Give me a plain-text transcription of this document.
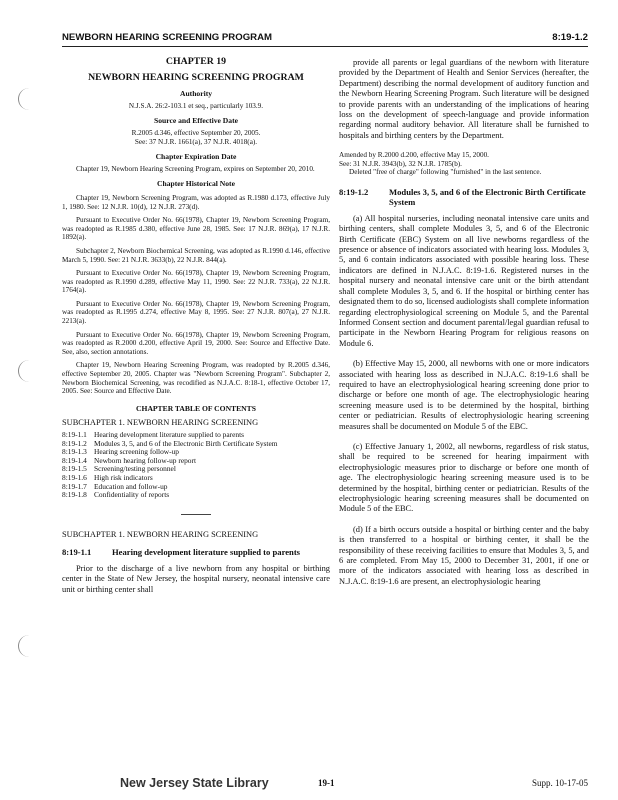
NEWBORN HEARING SCREENING PROGRAM	8:19-1.2

CHAPTER 19

NEWBORN HEARING SCREENING PROGRAM

Authority

N.J.S.A. 26:2-103.1 et seq., particularly 103.9.

Source and Effective Date

R.2005 d.346, effective September 20, 2005.

See: 37 N.J.R. 1661(a), 37 N.J.R. 4018(a).

Chapter Expiration Date

Chapter 19, Newborn Hearing Screening Program, expires on September 20, 2010.

Chapter Historical Note

Chapter 19, Newborn Screening Program, was adopted as R.1980 d.173, effective July 1, 1980. See: 12 N.J.R. 10(d), 12 N.J.R. 273(d).

Pursuant to Executive Order No. 66(1978), Chapter 19, Newborn Screening Program, was readopted as R.1985 d.380, effective June 28, 1985. See: 17 N.J.R. 869(a), 17 N.J.R. 1892(a).

Subchapter 2, Newborn Biochemical Screening, was adopted as R.1990 d.146, effective March 5, 1990. See: 21 N.J.R. 3633(b), 22 N.J.R. 844(a).

Pursuant to Executive Order No. 66(1978), Chapter 19, Newborn Screening Program, was readopted as R.1990 d.289, effective May 11, 1990. See: 22 N.J.R. 733(a), 22 N.J.R. 1764(a).

Pursuant to Executive Order No. 66(1978), Chapter 19, Newborn Screening Program, was readopted as R.1995 d.274, effective May 8, 1995. See: 27 N.J.R. 807(a), 27 N.J.R. 2213(a).

Pursuant to Executive Order No. 66(1978), Chapter 19, Newborn Screening Program, was readopted as R.2000 d.200, effective April 19, 2000. See: Source and Effective Date. See, also, section annotations.

Chapter 19, Newborn Hearing Screening Program, was readopted by R.2005 d.346, effective September 20, 2005. Chapter was "Newborn Screening Program". Subchapter 2, Newborn Biochemical Screening, was recodified as N.J.A.C. 8:18-1, effective October 17, 2005. See: Source and Effective Date.

CHAPTER TABLE OF CONTENTS

SUBCHAPTER 1. NEWBORN HEARING SCREENING

8:19-1.1 Hearing development literature supplied to parents
8:19-1.2 Modules 3, 5, and 6 of the Electronic Birth Certificate System
8:19-1.3 Hearing screening follow-up
8:19-1.4 Newborn hearing follow-up report
8:19-1.5 Screening/testing personnel
8:19-1.6 High risk indicators
8:19-1.7 Education and follow-up
8:19-1.8 Confidentiality of reports

SUBCHAPTER 1. NEWBORN HEARING SCREENING

8:19-1.1	Hearing development literature supplied to parents

Prior to the discharge of a live newborn from any hospital or birthing center in the State of New Jersey, the hospital nursery, neonatal intensive care unit or birthing center shall

provide all parents or legal guardians of the newborn with literature provided by the Department of Health and Senior Services (hereafter, the Department) describing the normal development of auditory function and the Newborn Hearing Screening Program. Such literature will be designed to provide parents with an understanding of the implications of hearing loss on the development of speech-language and provide information regarding normal auditory behavior. All literature shall be furnished to hospitals and birthing centers by the Department.

Amended by R.2000 d.200, effective May 15, 2000.

See: 31 N.J.R. 3943(b), 32 N.J.R. 1785(b).

Deleted "free of charge" following "furnished" in the last sentence.

8:19-1.2	Modules 3, 5, and 6 of the Electronic Birth Certificate System

(a) All hospital nurseries, including neonatal intensive care units and birthing centers, shall complete Modules 3, 5, and 6 of the Electronic Birth Certificate (EBC) System on all live newborns regardless of the presence or absence of indicators associated with hearing loss. Modules 3, 5, and 6 contain indicators associated with possible hearing loss. These indicators are defined in N.J.A.C. 8:19-1.6. Registered nurses in the hospital nursery and neonatal intensive care unit or the birth attendant shall complete Modules 3, 5, and 6. If the hospital or birthing center has designated them to do so, licensed audiologists shall complete information regarding electrophysiological screening on Module 5, and the Parental Informed Consent section and document parental/legal guardian refusal to participate in the Newborn Hearing Program for religious reasons on Module 6.

(b) Effective May 15, 2000, all newborns with one or more indicators associated with hearing loss as described in N.J.A.C. 8:19-1.6 shall be required to have an electrophysiological hearing screening done prior to discharge or before one month of age. The electrophysiologic hearing screening measure used is to be determined by the hospital, birthing center or pediatrician. Results of electrophysiologic hearing screening measures shall be documented on Module 5 of the EBC.

(c) Effective January 1, 2002, all newborns, regardless of risk status, shall be required to be screened for hearing impairment with electrophysiologic measures prior to discharge or before one month of age. The electrophysiologic hearing screening measure used is to be determined by the hospital, birthing center or pediatrician. Results of the electrophysiologic hearing screening measures shall be documented on Module 5 of the EBC.

(d) If a birth occurs outside a hospital or birthing center and the baby is then transferred to a hospital or birthing center, it shall be the responsibility of these receiving facilities to ensure that Modules 3, 5, and 6 are completed. From May 15, 2000 to December 31, 2001, if one or more of the indicators associated with hearing loss as described in N.J.A.C. 8:19-1.6 are present, an electrophysiologic hearing

New Jersey State Library	19-1	Supp. 10-17-05
